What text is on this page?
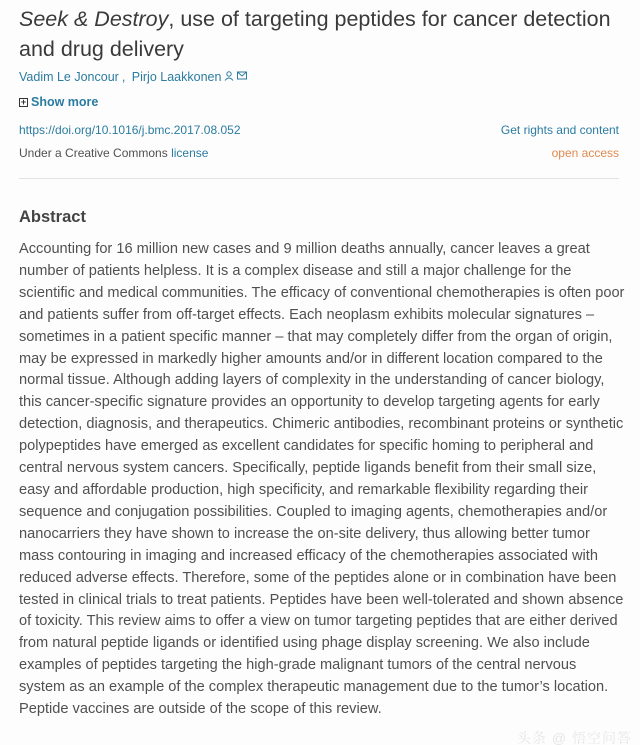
Seek & Destroy, use of targeting peptides for cancer detection and drug delivery
Vadim Le Joncour , Pirjo Laakkonen
+ Show more
https://doi.org/10.1016/j.bmc.2017.08.052	Get rights and content
Under a Creative Commons license	open access
Abstract

Accounting for 16 million new cases and 9 million deaths annually, cancer leaves a great number of patients helpless. It is a complex disease and still a major challenge for the scientific and medical communities. The efficacy of conventional chemotherapies is often poor and patients suffer from off-target effects. Each neoplasm exhibits molecular signatures – sometimes in a patient specific manner – that may completely differ from the organ of origin, may be expressed in markedly higher amounts and/or in different location compared to the normal tissue. Although adding layers of complexity in the understanding of cancer biology, this cancer-specific signature provides an opportunity to develop targeting agents for early detection, diagnosis, and therapeutics. Chimeric antibodies, recombinant proteins or synthetic polypeptides have emerged as excellent candidates for specific homing to peripheral and central nervous system cancers. Specifically, peptide ligands benefit from their small size, easy and affordable production, high specificity, and remarkable flexibility regarding their sequence and conjugation possibilities. Coupled to imaging agents, chemotherapies and/or nanocarriers they have shown to increase the on-site delivery, thus allowing better tumor mass contouring in imaging and increased efficacy of the chemotherapies associated with reduced adverse effects. Therefore, some of the peptides alone or in combination have been tested in clinical trials to treat patients. Peptides have been well-tolerated and shown absence of toxicity. This review aims to offer a view on tumor targeting peptides that are either derived from natural peptide ligands or identified using phage display screening. We also include examples of peptides targeting the high-grade malignant tumors of the central nervous system as an example of the complex therapeutic management due to the tumor’s location. Peptide vaccines are outside of the scope of this review.

头条 @ 悟空问答
